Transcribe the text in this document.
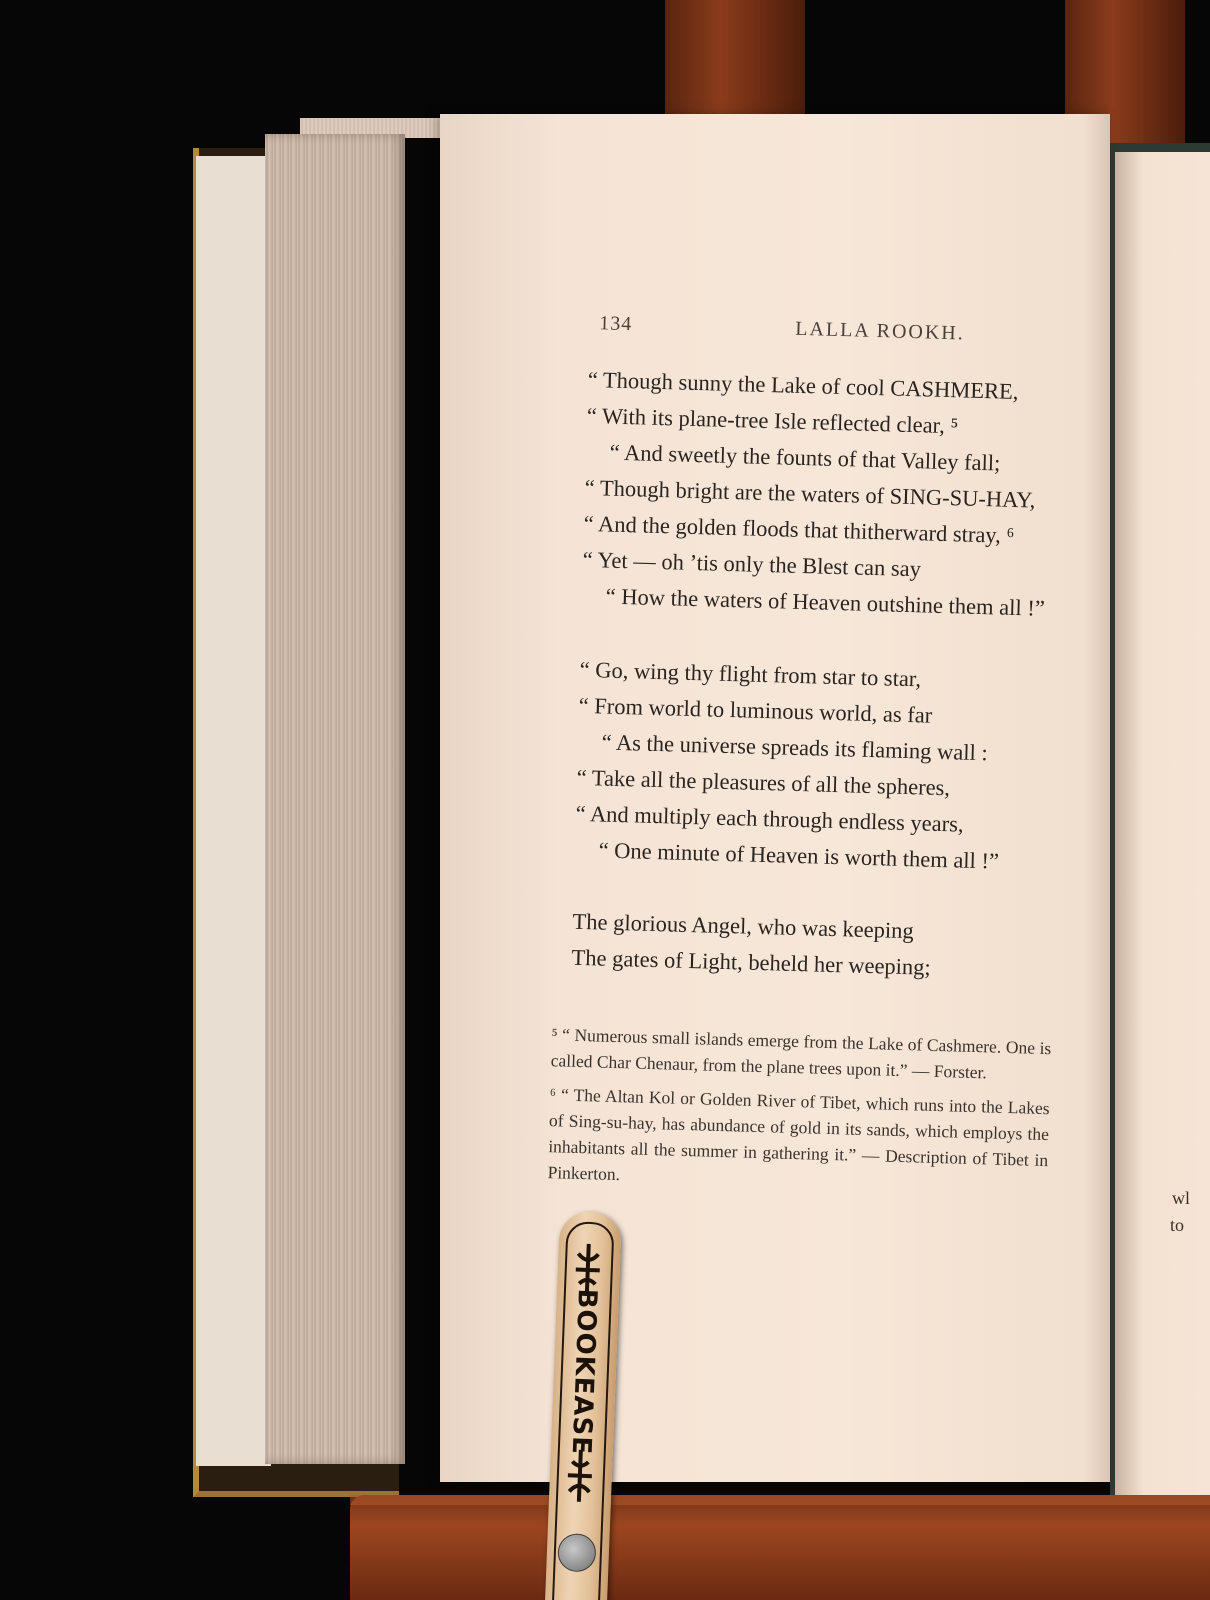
134	LALLA ROOKH.
“ Though sunny the Lake of cool CASHMERE,
“ With its plane-tree Isle reflected clear, ⁵
“ And sweetly the founts of that Valley fall;
“ Though bright are the waters of SING-SU-HAY,
“ And the golden floods that thitherward stray, ⁶
“ Yet — oh ’tis only the Blest can say
“ How the waters of Heaven outshine them all !”
“ Go, wing thy flight from star to star,
“ From world to luminous world, as far
“ As the universe spreads its flaming wall :
“ Take all the pleasures of all the spheres,
“ And multiply each through endless years,
“ One minute of Heaven is worth them all !”
The glorious Angel, who was keeping
The gates of Light, beheld her weeping;
⁵ “ Numerous small islands emerge from the Lake of Cashmere. One is called Char Chenaur, from the plane trees upon it.” — Forster.
⁶ “ The Altan Kol or Golden River of Tibet, which runs into the Lakes of Sing-su-hay, has abundance of gold in its sands, which employs the inhabitants all the summer in gathering it.” — Description of Tibet in Pinkerton.
wl
to
BOOKEASE
